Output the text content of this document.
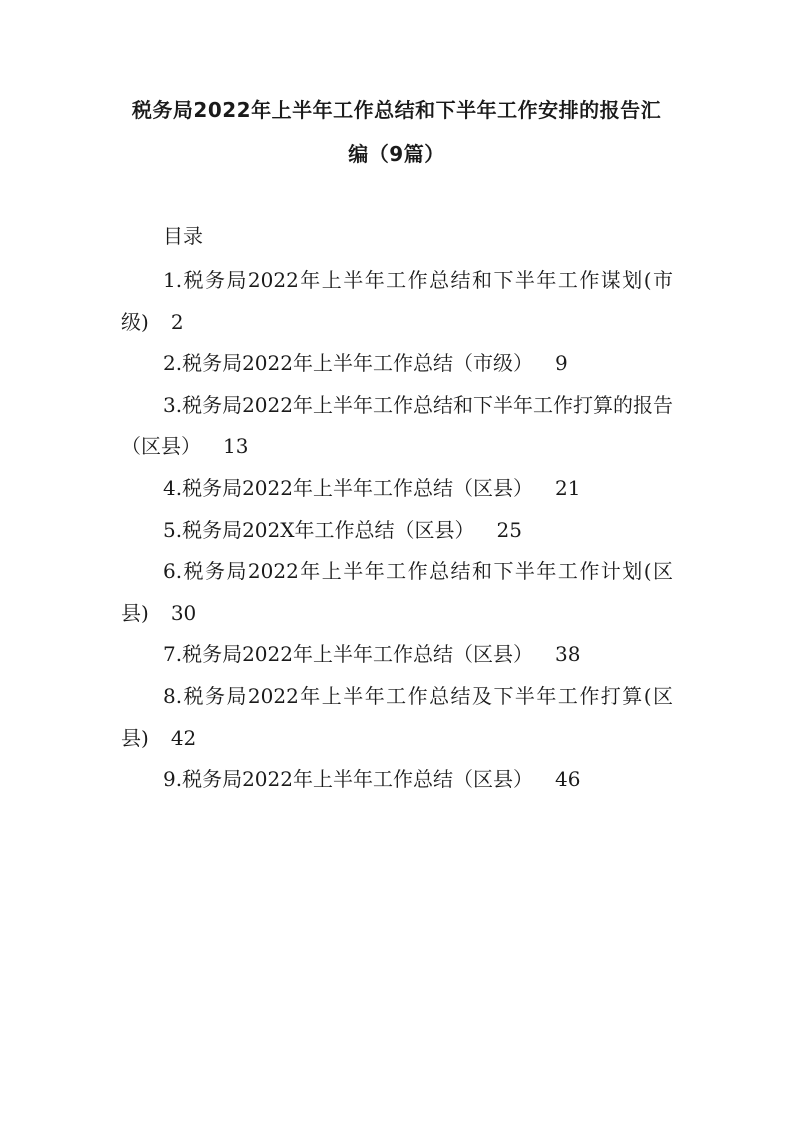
税务局2022年上半年工作总结和下半年工作安排的报告汇
编（9篇）
目录
1.税务局2022年上半年工作总结和下半年工作谋划(市级) 2
2.税务局2022年上半年工作总结（市级） 9
3.税务局2022年上半年工作总结和下半年工作打算的报告（区县） 13
4.税务局2022年上半年工作总结（区县） 21
5.税务局202X年工作总结（区县） 25
6.税务局2022年上半年工作总结和下半年工作计划(区县) 30
7.税务局2022年上半年工作总结（区县） 38
8.税务局2022年上半年工作总结及下半年工作打算(区县) 42
9.税务局2022年上半年工作总结（区县） 46
